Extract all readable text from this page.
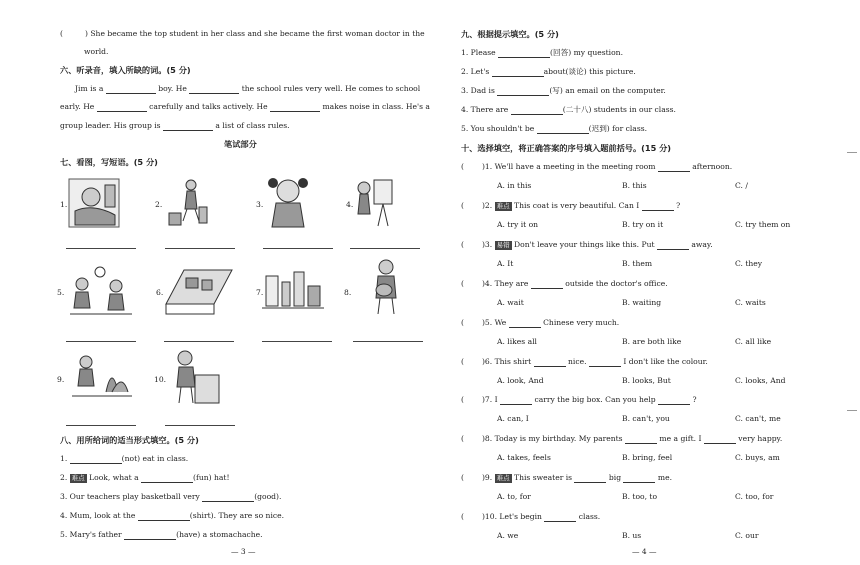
(	) She became the top student in her class and she became the first woman doctor in the
world.
六、听录音，填入所缺的词。(5 分)
Jim is a	boy. He	the school rules very well. He comes to school
early. He	carefully and talks actively. He	makes noise in class. He's a
group leader. His group is	a list of class rules.
笔试部分
七、看图，写短语。(5 分)
1.	2.	3.	4.
5.	6.	7.	8.
9.	10.
八、用所给词的适当形式填空。(5 分)
1.	(not) eat in class.
2. 难点 Look, what a	(fun) hat!
3. Our teachers play basketball very	(good).
4. Mum, look at the	(shirt). They are so nice.
5. Mary's father	(have) a stomachache.
— 3 —
九、根据提示填空。(5 分)
1. Please	(回答) my question.
2. Let's	about(谈论) this picture.
3. Dad is	(写) an email on the computer.
4. There are	(二十八) students in our class.
5. You shouldn't be	(迟到) for class.
十、选择填空，将正确答案的序号填入题前括号。(15 分)
( )1. We'll have a meeting in the meeting room	afternoon.
A. in this	B. this	C. /
( )2. 难点 This coat is very beautiful. Can I	?
A. try it on	B. try on it	C. try them on
( )3. 易错 Don't leave your things like this. Put	away.
A. It	B. them	C. they
( )4. They are	outside the doctor's office.
A. wait	B. waiting	C. waits
( )5. We	Chinese very much.
A. likes all	B. are both like	C. all like
( )6. This shirt	nice.	I don't like the colour.
A. look, And	B. looks, But	C. looks, And
( )7. I	carry the big box. Can you help	?
A. can, I	B. can't, you	C. can't, me
( )8. Today is my birthday. My parents	me a gift. I	very happy.
A. takes, feels	B. bring, feel	C. buys, am
( )9. 难点 This sweater is	big	me.
A. to, for	B. too, to	C. too, for
( )10. Let's begin	class.
A. we	B. us	C. our
— 4 —
